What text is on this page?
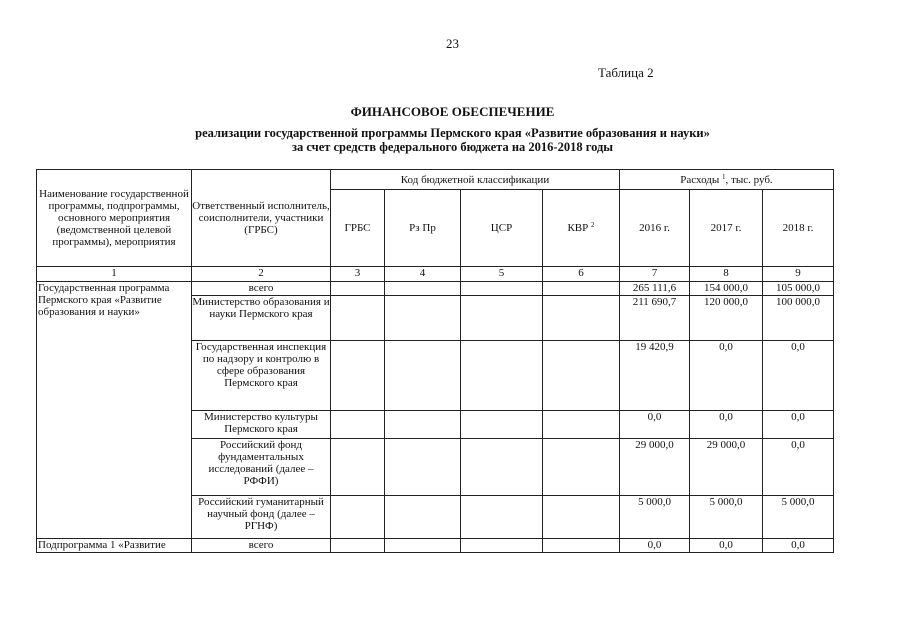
23
Таблица 2
ФИНАНСОВОЕ ОБЕСПЕЧЕНИЕ
реализации государственной программы Пермского края «Развитие образования и науки»
за счет средств федерального бюджета на 2016-2018 годы
Наименование государственной программы, подпрограммы, основного мероприятия (ведомственной целевой программы), мероприятия	Ответственный исполнитель, соисполнители, участники (ГРБС)	Код бюджетной классификации				Расходы $^1$, тыс. руб.		
		ГРБС	Рз Пр	ЦСР	КВР $^2$	2016 г.	2017 г.	2018 г.
1	2	3	4	5	6	7	8	9
Государственная программа Пермского края «Развитие образования и науки»	всего					265 111,6	154 000,0	105 000,0
	Министерство образования и науки Пермского края					211 690,7	120 000,0	100 000,0
	Государственная инспекция по надзору и контролю в сфере образования Пермского края					19 420,9	0,0	0,0
	Министерство культуры Пермского края					0,0	0,0	0,0
	Российский фонд фундаментальных исследований (далее – РФФИ)					29 000,0	29 000,0	0,0
	Российский гуманитарный научный фонд (далее – РГНФ)					5 000,0	5 000,0	5 000,0
Подпрограмма 1 «Развитие	всего					0,0	0,0	0,0
